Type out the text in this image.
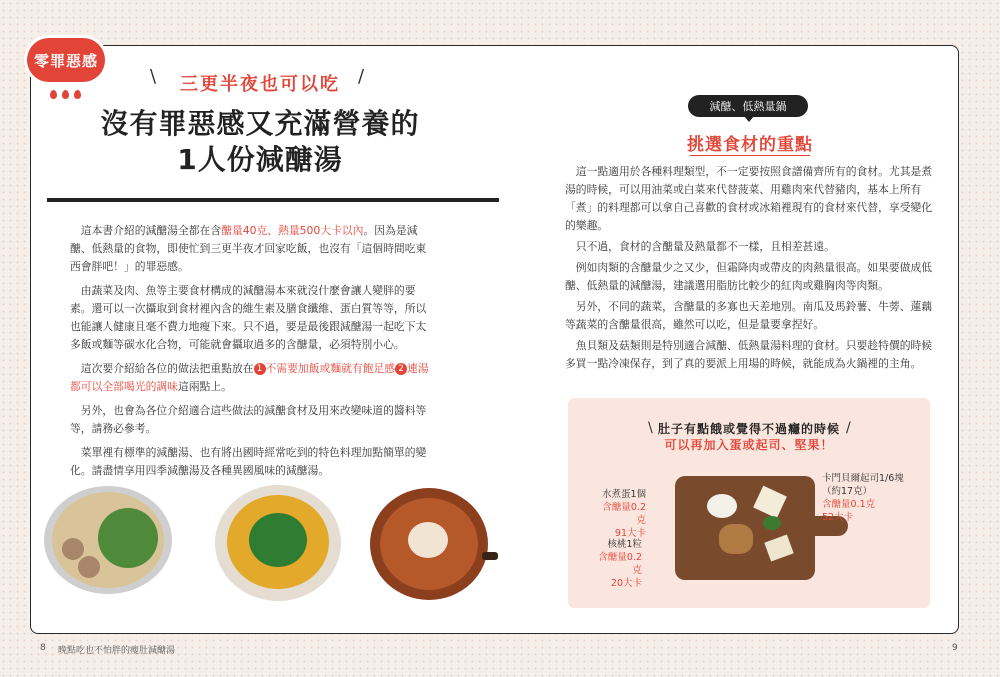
零罪惡感
\	三更半夜也可以吃	/
沒有罪惡感又充滿營養的
1人份減醣湯

這本書介紹的減醣湯全都在含醣量40克、熱量500大卡以內。因為是減醣、低熱量的食物，即使忙到三更半夜才回家吃飯，也沒有「這個時間吃東西會胖吧！」的罪惡感。

由蔬菜及肉、魚等主要食材構成的減醣湯本來就沒什麼會讓人變胖的要素。還可以一次攝取到食材裡內含的維生素及膳食纖維、蛋白質等等，所以也能讓人健康且毫不費力地瘦下來。只不過，要是最後跟減醣湯一起吃下太多飯或麵等碳水化合物，可能就會攝取過多的含醣量，必須特別小心。

這次要介紹給各位的做法把重點放在 1 不需要加飯或麵就有飽足感 2 連湯都可以全部喝光的調味這兩點上。

另外，也會為各位介紹適合這些做法的減醣食材及用來改變味道的醬料等等，請務必參考。

菜單裡有標準的減醣湯、也有將出國時經常吃到的特色料理加點簡單的變化。請盡情享用四季減醣湯及各種異國風味的減醣湯。

減醣、低熱量鍋
挑選食材的重點

這一點適用於各種料理類型，不一定要按照食譜備齊所有的食材。尤其是煮湯的時候，可以用油菜或白菜來代替菠菜、用雞肉來代替豬肉，基本上所有「煮」的料理都可以拿自己喜歡的食材或冰箱裡現有的食材來代替，享受變化的樂趣。

只不過，食材的含醣量及熱量都不一樣，且相差甚遠。

例如肉類的含醣量少之又少，但霜降肉或帶皮的肉熱量很高。如果要做成低醣、低熱量的減醣湯，建議選用脂肪比較少的紅肉或雞胸肉等肉類。

另外，不同的蔬菜，含醣量的多寡也天差地別。南瓜及馬鈴薯、牛蒡、蓮藕等蔬菜的含醣量很高，雖然可以吃，但是量要拿捏好。

魚貝類及菇類則是特別適合減醣、低熱量湯料理的食材。只要趁特價的時候多買一點冷凍保存，到了真的要派上用場的時候，就能成為火鍋裡的主角。

\ 肚子有點餓或覺得不過癮的時候
可以再加入蛋或起司、堅果！
/
水煮蛋1個
含醣量0.2克
91大卡
核桃1粒
含醣量0.2克
20大卡
卡門貝爾起司1/6塊
（約17克）
含醣量0.1克
52大卡
8 晚點吃也不怕胖的瘦肚減醣湯	9
